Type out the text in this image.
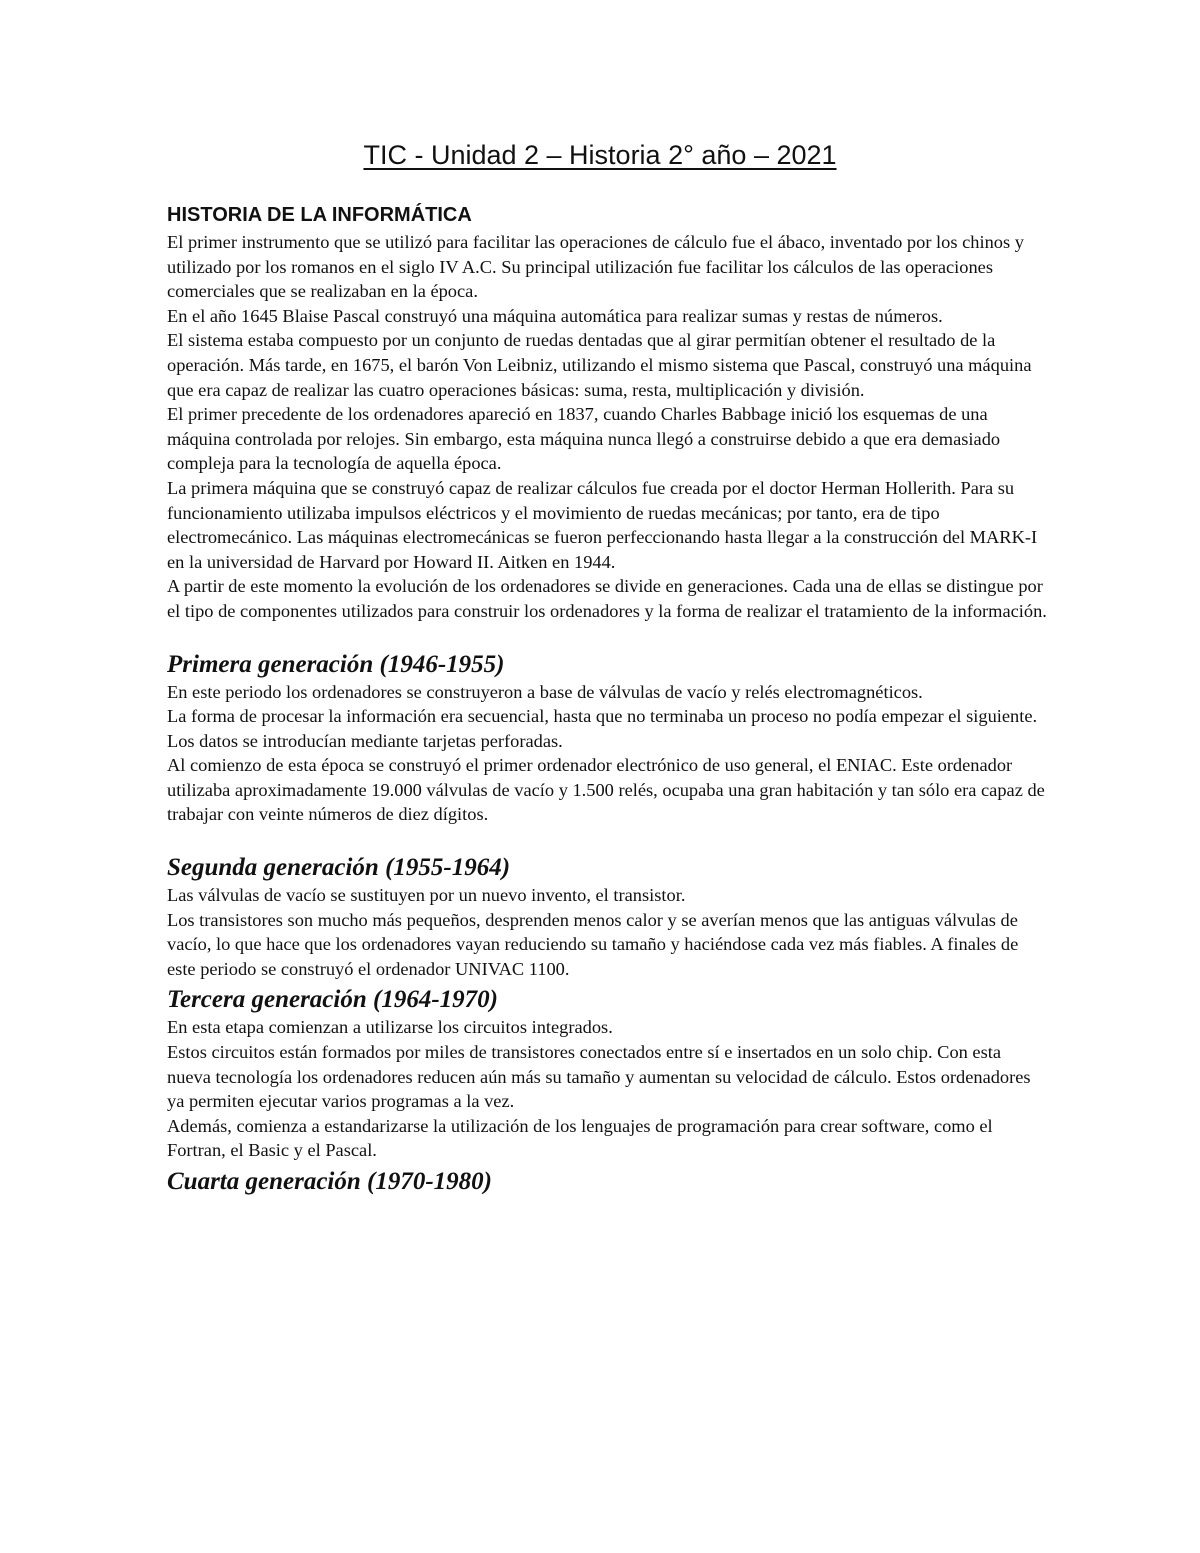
TIC - Unidad 2 – Historia 2° año – 2021
HISTORIA DE LA INFORMÁTICA

El primer instrumento que se utilizó para facilitar las operaciones de cálculo fue el ábaco, inventado por los chinos y utilizado por los romanos en el siglo IV A.C. Su principal utilización fue facilitar los cálculos de las operaciones comerciales que se realizaban en la época.

En el año 1645 Blaise Pascal construyó una máquina automática para realizar sumas y restas de números.

El sistema estaba compuesto por un conjunto de ruedas dentadas que al girar permitían obtener el resultado de la operación. Más tarde, en 1675, el barón Von Leibniz, utilizando el mismo sistema que Pascal, construyó una máquina que era capaz de realizar las cuatro operaciones básicas: suma, resta, multiplicación y división.

El primer precedente de los ordenadores apareció en 1837, cuando Charles Babbage inició los esquemas de una máquina controlada por relojes. Sin embargo, esta máquina nunca llegó a construirse debido a que era demasiado compleja para la tecnología de aquella época.

La primera máquina que se construyó capaz de realizar cálculos fue creada por el doctor Herman Hollerith. Para su funcionamiento utilizaba impulsos eléctricos y el movimiento de ruedas mecánicas; por tanto, era de tipo electromecánico. Las máquinas electromecánicas se fueron perfeccionando hasta llegar a la construcción del MARK-I en la universidad de Harvard por Howard II. Aitken en 1944.

A partir de este momento la evolución de los ordenadores se divide en generaciones. Cada una de ellas se distingue por el tipo de componentes utilizados para construir los ordenadores y la forma de realizar el tratamiento de la información.

Primera generación (1946-1955)

En este periodo los ordenadores se construyeron a base de válvulas de vacío y relés electromagnéticos.

La forma de procesar la información era secuencial, hasta que no terminaba un proceso no podía empezar el siguiente. Los datos se introducían mediante tarjetas perforadas.

Al comienzo de esta época se construyó el primer ordenador electrónico de uso general, el ENIAC. Este ordenador utilizaba aproximadamente 19.000 válvulas de vacío y 1.500 relés, ocupaba una gran habitación y tan sólo era capaz de trabajar con veinte números de diez dígitos.

Segunda generación (1955-1964)

Las válvulas de vacío se sustituyen por un nuevo invento, el transistor.

Los transistores son mucho más pequeños, desprenden menos calor y se averían menos que las antiguas válvulas de vacío, lo que hace que los ordenadores vayan reduciendo su tamaño y haciéndose cada vez más fiables. A finales de este periodo se construyó el ordenador UNIVAC 1100.

Tercera generación (1964-1970)

En esta etapa comienzan a utilizarse los circuitos integrados.

Estos circuitos están formados por miles de transistores conectados entre sí e insertados en un solo chip. Con esta nueva tecnología los ordenadores reducen aún más su tamaño y aumentan su velocidad de cálculo. Estos ordenadores ya permiten ejecutar varios programas a la vez.

Además, comienza a estandarizarse la utilización de los lenguajes de programación para crear software, como el Fortran, el Basic y el Pascal.

Cuarta generación (1970-1980)
